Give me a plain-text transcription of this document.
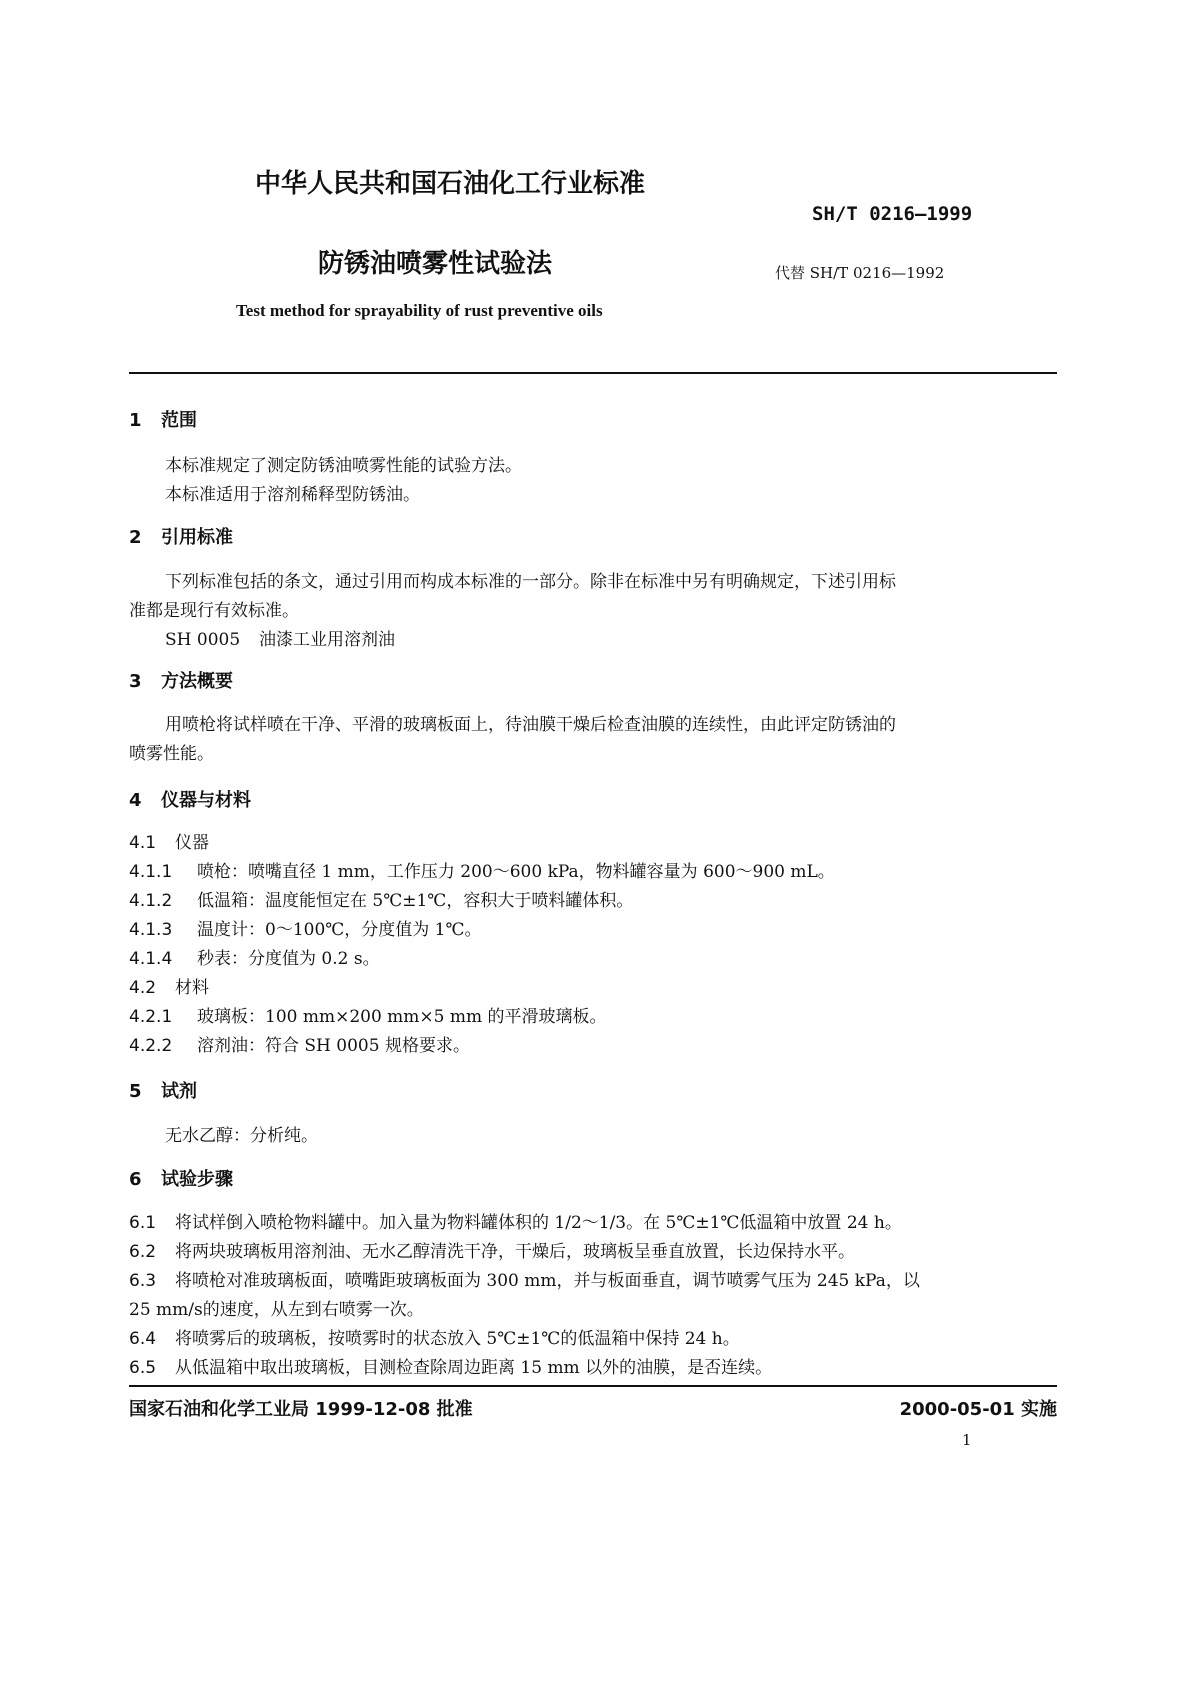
中华人民共和国石油化工行业标准
SH/T 0216—1999
防锈油喷雾性试验法	代替 SH/T 0216—1992
Test method for sprayability of rust preventive oils
1 范围
本标准规定了测定防锈油喷雾性能的试验方法。
本标准适用于溶剂稀释型防锈油。
2 引用标准
下列标准包括的条文，通过引用而构成本标准的一部分。除非在标准中另有明确规定，下述引用标
准都是现行有效标准。
SH 0005 油漆工业用溶剂油
3 方法概要
用喷枪将试样喷在干净、平滑的玻璃板面上，待油膜干燥后检查油膜的连续性，由此评定防锈油的
喷雾性能。
4 仪器与材料
4.1 仪器
4.1.1 喷枪：喷嘴直径 1 mm，工作压力 200～600 kPa，物料罐容量为 600～900 mL。
4.1.2 低温箱：温度能恒定在 5℃±1℃，容积大于喷料罐体积。
4.1.3 温度计：0～100℃，分度值为 1℃。
4.1.4 秒表：分度值为 0.2 s。
4.2 材料
4.2.1 玻璃板：100 mm×200 mm×5 mm 的平滑玻璃板。
4.2.2 溶剂油：符合 SH 0005 规格要求。
5 试剂
无水乙醇：分析纯。
6 试验步骤
6.1 将试样倒入喷枪物料罐中。加入量为物料罐体积的 1/2～1/3。在 5℃±1℃低温箱中放置 24 h。
6.2 将两块玻璃板用溶剂油、无水乙醇清洗干净，干燥后，玻璃板呈垂直放置，长边保持水平。
6.3 将喷枪对准玻璃板面，喷嘴距玻璃板面为 300 mm，并与板面垂直，调节喷雾气压为 245 kPa，以
25 mm/s的速度，从左到右喷雾一次。
6.4 将喷雾后的玻璃板，按喷雾时的状态放入 5℃±1℃的低温箱中保持 24 h。
6.5 从低温箱中取出玻璃板，目测检查除周边距离 15 mm 以外的油膜，是否连续。
国家石油和化学工业局 1999-12-08 批准	2000-05-01 实施
1
